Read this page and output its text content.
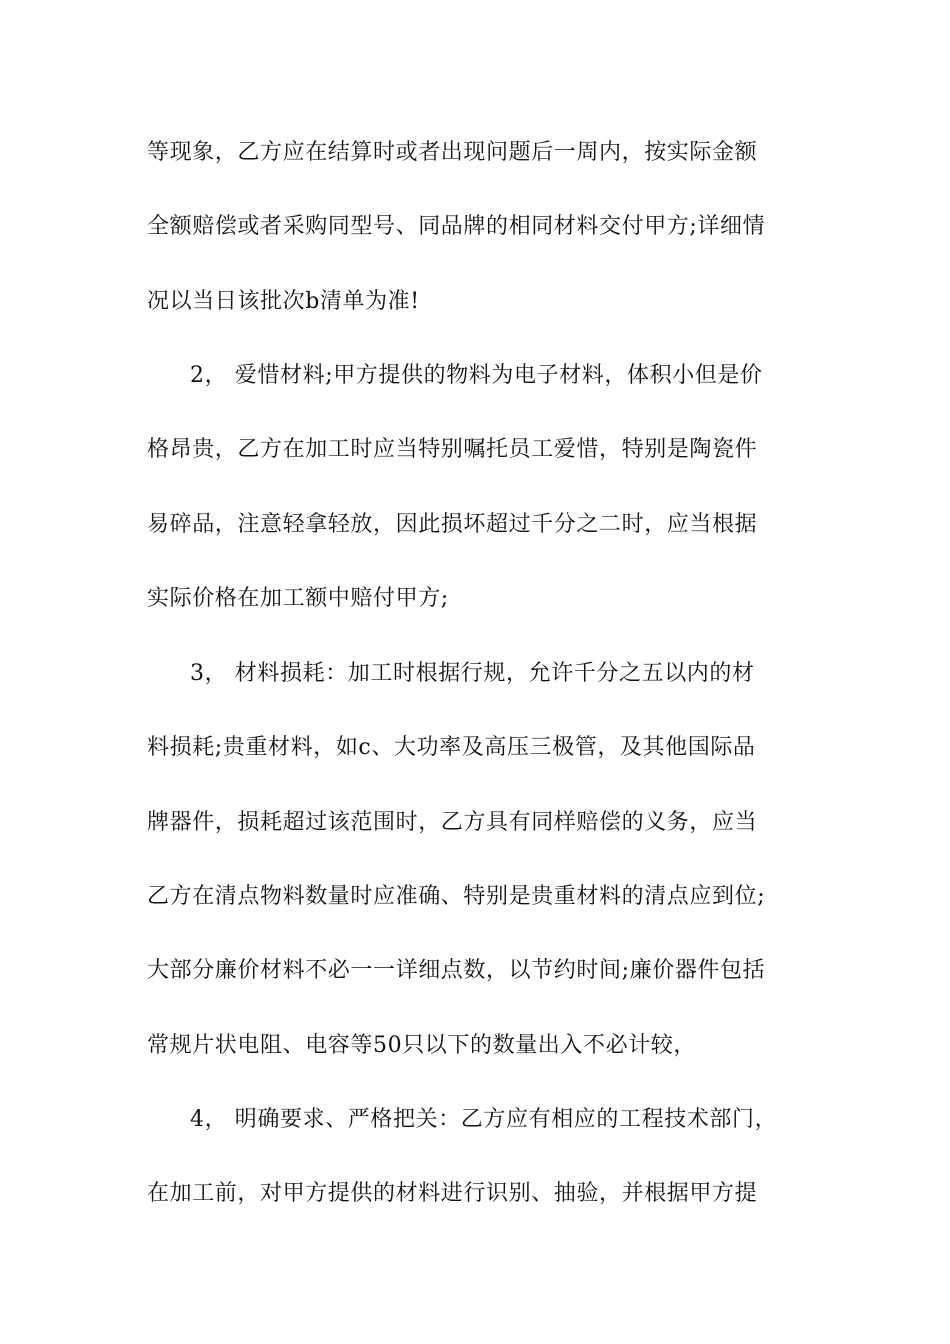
等现象，乙方应在结算时或者出现问题后一周内，按实际金额
全额赔偿或者采购同型号、同品牌的相同材料交付甲方;详细情
况以当日该批次b清单为准!
2， 爱惜材料;甲方提供的物料为电子材料，体积小但是价
格昂贵，乙方在加工时应当特别嘱托员工爱惜，特别是陶瓷件
易碎品，注意轻拿轻放，因此损坏超过千分之二时，应当根据
实际价格在加工额中赔付甲方;
3， 材料损耗：加工时根据行规，允许千分之五以内的材
料损耗;贵重材料，如c、大功率及高压三极管，及其他国际品
牌器件，损耗超过该范围时，乙方具有同样赔偿的义务，应当
乙方在清点物料数量时应准确、特别是贵重材料的清点应到位;
大部分廉价材料不必一一详细点数，以节约时间;廉价器件包括
常规片状电阻、电容等50只以下的数量出入不必计较，
4， 明确要求、严格把关：乙方应有相应的工程技术部门，
在加工前，对甲方提供的材料进行识别、抽验，并根据甲方提
